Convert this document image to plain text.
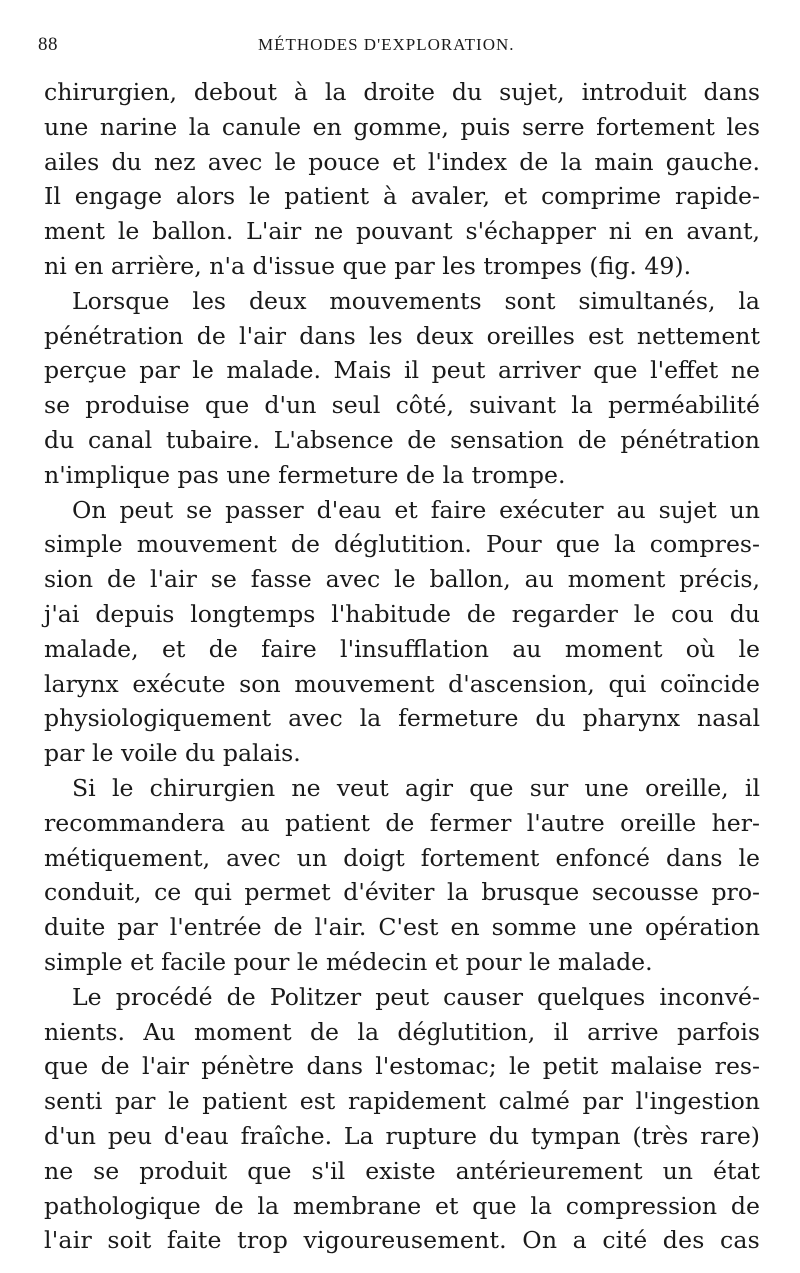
88	MÉTHODES D'EXPLORATION.
chirurgien, debout à la droite du sujet, introduit dans
une narine la canule en gomme, puis serre fortement les
ailes du nez avec le pouce et l'index de la main gauche.
Il engage alors le patient à avaler, et comprime rapide-
ment le ballon. L'air ne pouvant s'échapper ni en avant,
ni en arrière, n'a d'issue que par les trompes (fig. 49).
Lorsque les deux mouvements sont simultanés, la
pénétration de l'air dans les deux oreilles est nettement
perçue par le malade. Mais il peut arriver que l'effet ne
se produise que d'un seul côté, suivant la perméabilité
du canal tubaire. L'absence de sensation de pénétration
n'implique pas une fermeture de la trompe.
On peut se passer d'eau et faire exécuter au sujet un
simple mouvement de déglutition. Pour que la compres-
sion de l'air se fasse avec le ballon, au moment précis,
j'ai depuis longtemps l'habitude de regarder le cou du
malade, et de faire l'insufflation au moment où le
larynx exécute son mouvement d'ascension, qui coïncide
physiologiquement avec la fermeture du pharynx nasal
par le voile du palais.
Si le chirurgien ne veut agir que sur une oreille, il
recommandera au patient de fermer l'autre oreille her-
métiquement, avec un doigt fortement enfoncé dans le
conduit, ce qui permet d'éviter la brusque secousse pro-
duite par l'entrée de l'air. C'est en somme une opération
simple et facile pour le médecin et pour le malade.
Le procédé de Politzer peut causer quelques inconvé-
nients. Au moment de la déglutition, il arrive parfois
que de l'air pénètre dans l'estomac; le petit malaise res-
senti par le patient est rapidement calmé par l'ingestion
d'un peu d'eau fraîche. La rupture du tympan (très rare)
ne se produit que s'il existe antérieurement un état
pathologique de la membrane et que la compression de
l'air soit faite trop vigoureusement. On a cité des cas
